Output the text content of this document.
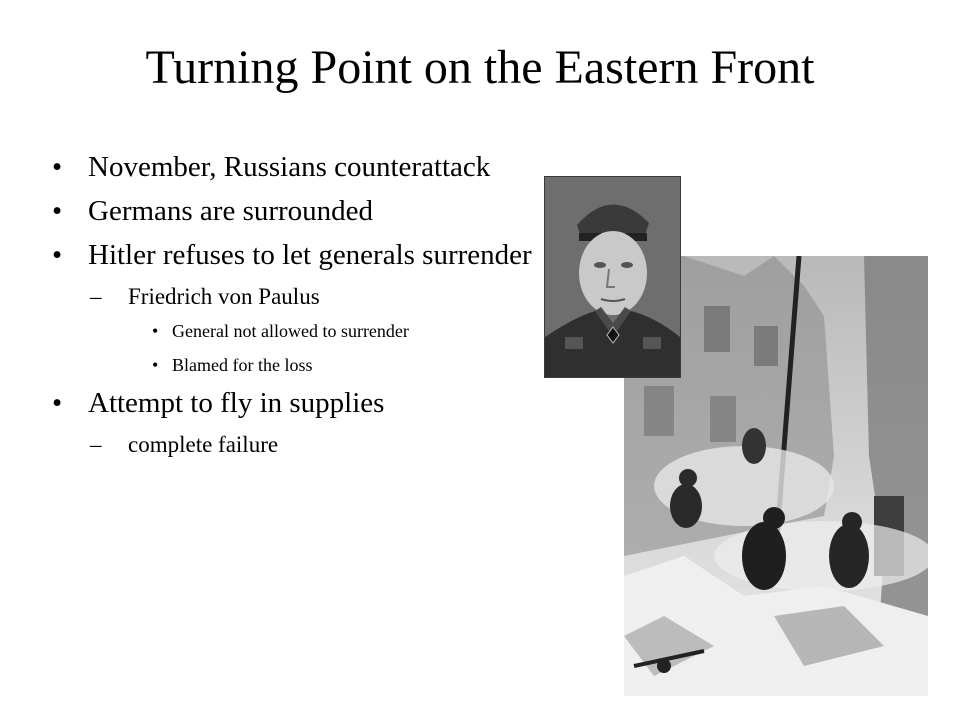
Turning Point on the Eastern Front
• November, Russians counterattack
• Germans are surrounded
• Hitler refuses to let generals surrender
– Friedrich von Paulus
• General not allowed to surrender
• Blamed for the loss
• Attempt to fly in supplies
– complete failure
